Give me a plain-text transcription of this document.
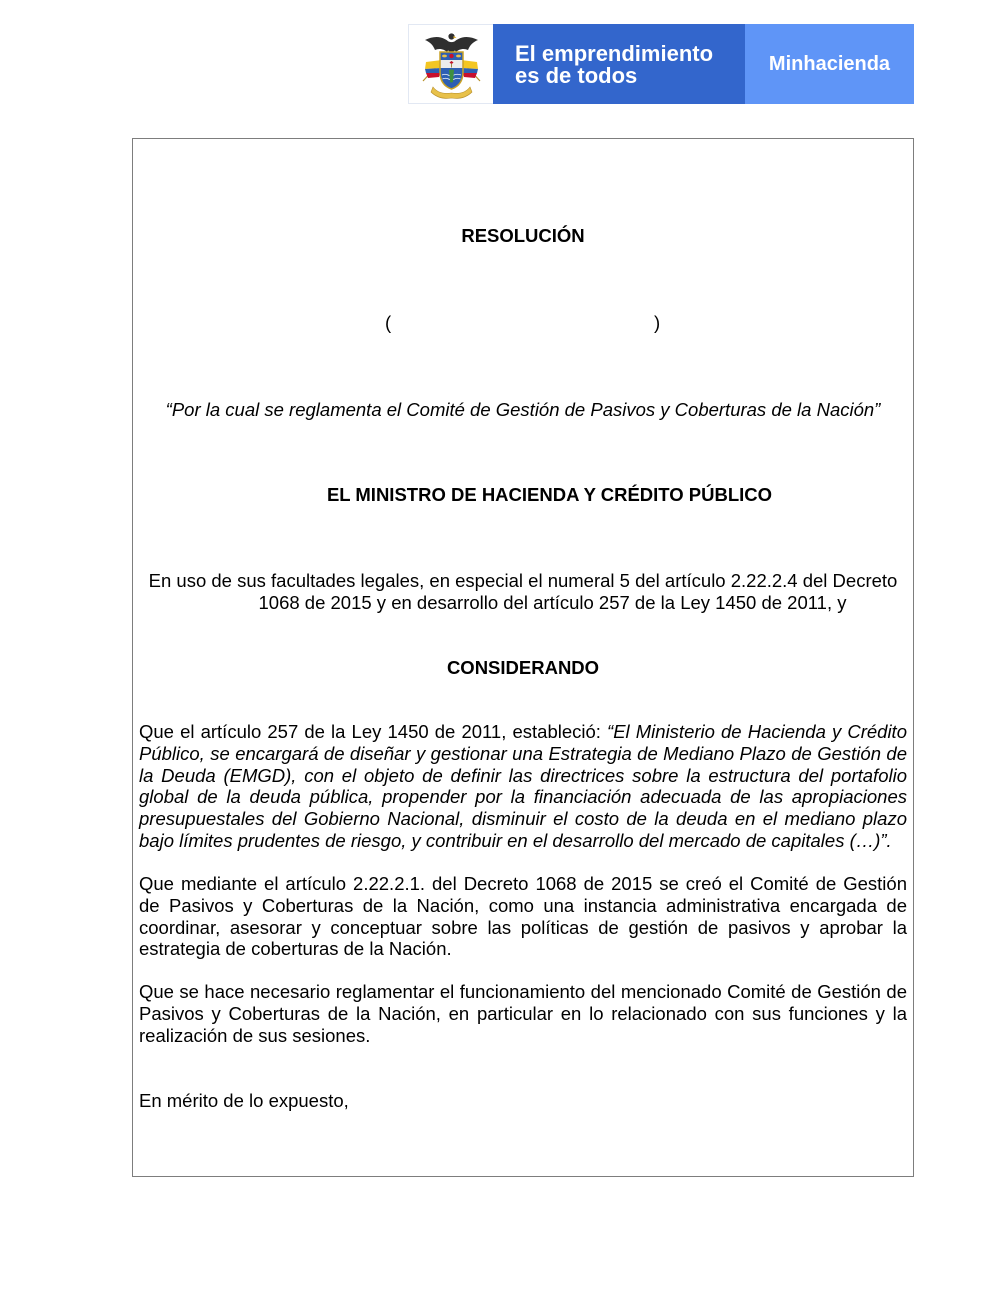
El emprendimiento
es de todos	Minhacienda
RESOLUCIÓN
(	)
“Por la cual se reglamenta el Comité de Gestión de Pasivos y Coberturas de la Nación”
EL MINISTRO DE HACIENDA Y CRÉDITO PÚBLICO
En uso de sus facultades legales, en especial el numeral 5 del artículo 2.22.2.4 del Decreto
1068 de 2015 y en desarrollo del artículo 257 de la Ley 1450 de 2011, y
CONSIDERANDO
Que el artículo 257 de la Ley 1450 de 2011, estableció: “El Ministerio de Hacienda y Crédito
Público, se encargará de diseñar y gestionar una Estrategia de Mediano Plazo de Gestión de
la Deuda (EMGD), con el objeto de definir las directrices sobre la estructura del portafolio
global de la deuda pública, propender por la financiación adecuada de las apropiaciones
presupuestales del Gobierno Nacional, disminuir el costo de la deuda en el mediano plazo
bajo límites prudentes de riesgo, y contribuir en el desarrollo del mercado de capitales (…)”.
Que mediante el artículo 2.22.2.1. del Decreto 1068 de 2015 se creó el Comité de Gestión
de Pasivos y Coberturas de la Nación, como una instancia administrativa encargada de
coordinar, asesorar y conceptuar sobre las políticas de gestión de pasivos y aprobar la
estrategia de coberturas de la Nación.
Que se hace necesario reglamentar el funcionamiento del mencionado Comité de Gestión de
Pasivos y Coberturas de la Nación, en particular en lo relacionado con sus funciones y la
realización de sus sesiones.
En mérito de lo expuesto,
